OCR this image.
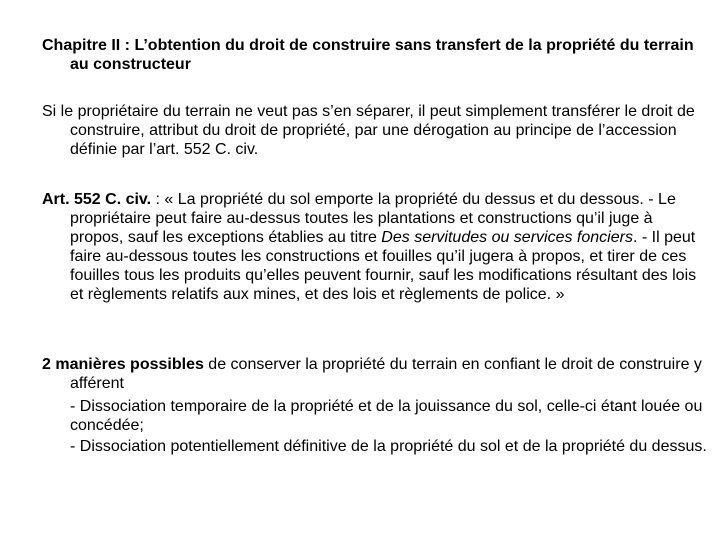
Chapitre II : L’obtention du droit de construire sans transfert de la propriété du terrain au constructeur

Si le propriétaire du terrain ne veut pas s’en séparer, il peut simplement transférer le droit de construire, attribut du droit de propriété, par une dérogation au principe de l’accession définie par l’art. 552 C. civ.

Art. 552 C. civ. : « La propriété du sol emporte la propriété du dessus et du dessous. - Le propriétaire peut faire au-dessus toutes les plantations et constructions qu’il juge à propos, sauf les exceptions établies au titre Des servitudes ou services fonciers. - Il peut faire au-dessous toutes les constructions et fouilles qu’il jugera à propos, et tirer de ces fouilles tous les produits qu’elles peuvent fournir, sauf les modifications résultant des lois et règlements relatifs aux mines, et des lois et règlements de police. »

2 manières possibles de conserver la propriété du terrain en confiant le droit de construire y afférent
- Dissociation temporaire de la propriété et de la jouissance du sol, celle-ci étant louée ou concédée;
- Dissociation potentiellement définitive de la propriété du sol et de la propriété du dessus.
